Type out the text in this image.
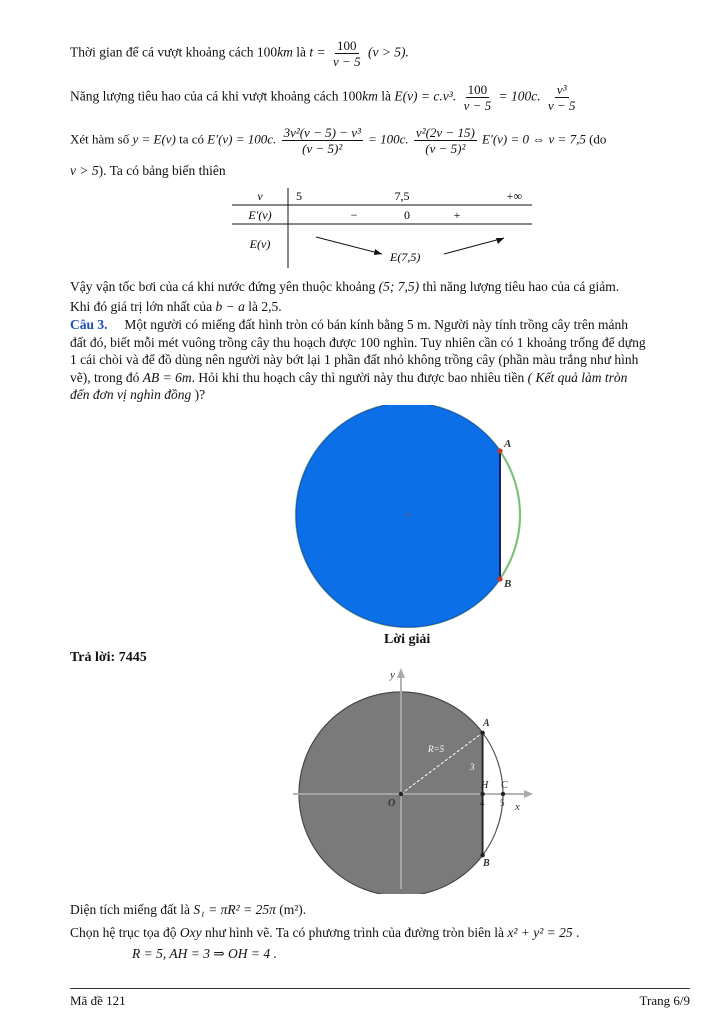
Thời gian để cá vượt khoảng cách 100km là $t = \frac{100}{v - 5} (v > 5)$.
Năng lượng tiêu hao của cá khi vượt khoảng cách 100km là E(v) = c.v³. $\frac{100}{v - 5} = 100c$. $\frac{\text{v³}}{v - 5}$
Xét hàm số y = E(v) ta có E′(v) = 100c. $\frac{\text{3v²(v − 5) − v³}}{\text{(v − 5)²}} = 100c$. $\frac{\text{v²(2v − 15)}}{\text{(v − 5)²}} E'(v) = 0$ ⇔ v = 7,5 (do
v > 5). Ta có bảng biến thiên
v	5	7,5	+∞
E′(v)	−	0	+
E(v)
E(7,5)
Vậy vận tốc bơi của cá khi nước đứng yên thuộc khoảng (5; 7,5) thì năng lượng tiêu hao của cá giảm.
Khi đó giá trị lớn nhất của b − a là 2,5.
Câu 3. Một người có miếng đất hình tròn có bán kính bằng 5 m. Người này tính trồng cây trên mảnh
đất đó, biết mỗi mét vuông trồng cây thu hoạch được 100 nghìn. Tuy nhiên cần có 1 khoảng trống để dựng
1 cái chòi và để đồ dùng nên người này bớt lại 1 phần đất nhỏ không trồng cây (phần màu trắng như hình
vẽ), trong đó AB = 6m. Hỏi khi thu hoạch cây thì người này thu được bao nhiêu tiền ( Kết quả làm tròn
đến đơn vị nghìn đồng )?
A
B
+
Lời giải
Trả lời: 7445
y
x
R=5
3
O
A
B
H C
4 5
Diện tích miếng đất là S₁ = πR² = 25π (m²).
Chọn hệ trục tọa độ Oxy như hình vẽ. Ta có phương trình của đường tròn biên là x² + y² = 25 .
R = 5, AH = 3 ⇒ OH = 4 .
Mã đề 121	Trang 6/9
